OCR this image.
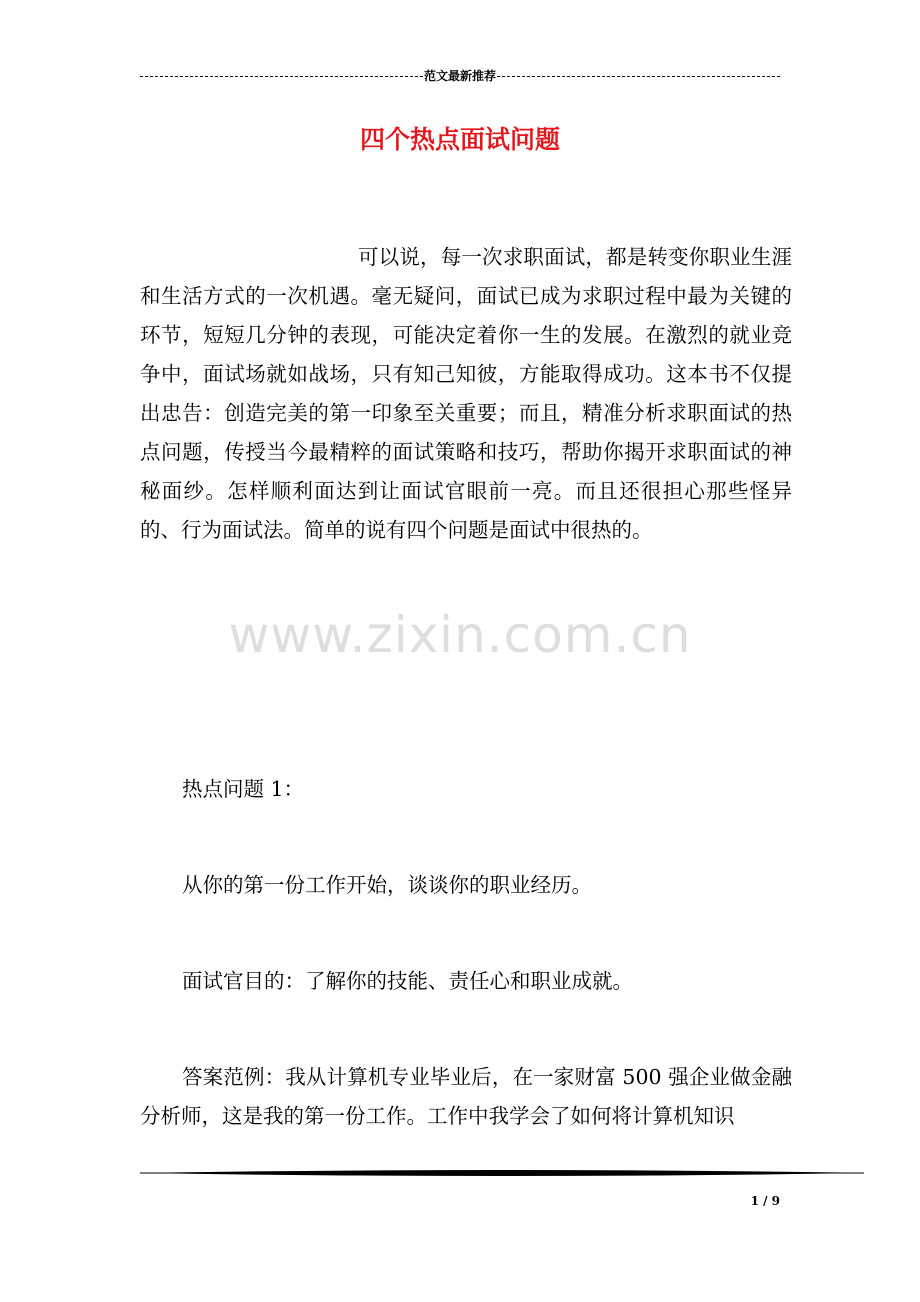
范文最新推荐
四个热点面试问题
可以说，每一次求职面试，都是转变你职业生涯和生活方式的一次机遇。毫无疑问，面试已成为求职过程中最为关键的环节，短短几分钟的表现，可能决定着你一生的发展。在激烈的就业竞争中，面试场就如战场，只有知己知彼，方能取得成功。这本书不仅提出忠告：创造完美的第一印象至关重要；而且，精准分析求职面试的热点问题，传授当今最精粹的面试策略和技巧，帮助你揭开求职面试的神秘面纱。怎样顺利面达到让面试官眼前一亮。而且还很担心那些怪异的、行为面试法。简单的说有四个问题是面试中很热的。
www.zixin.com.cn
热点问题 1：
从你的第一份工作开始，谈谈你的职业经历。
面试官目的：了解你的技能、责任心和职业成就。
答案范例：我从计算机专业毕业后，在一家财富 500 强企业做金融分析师，这是我的第一份工作。工作中我学会了如何将计算机知识
1 / 9
